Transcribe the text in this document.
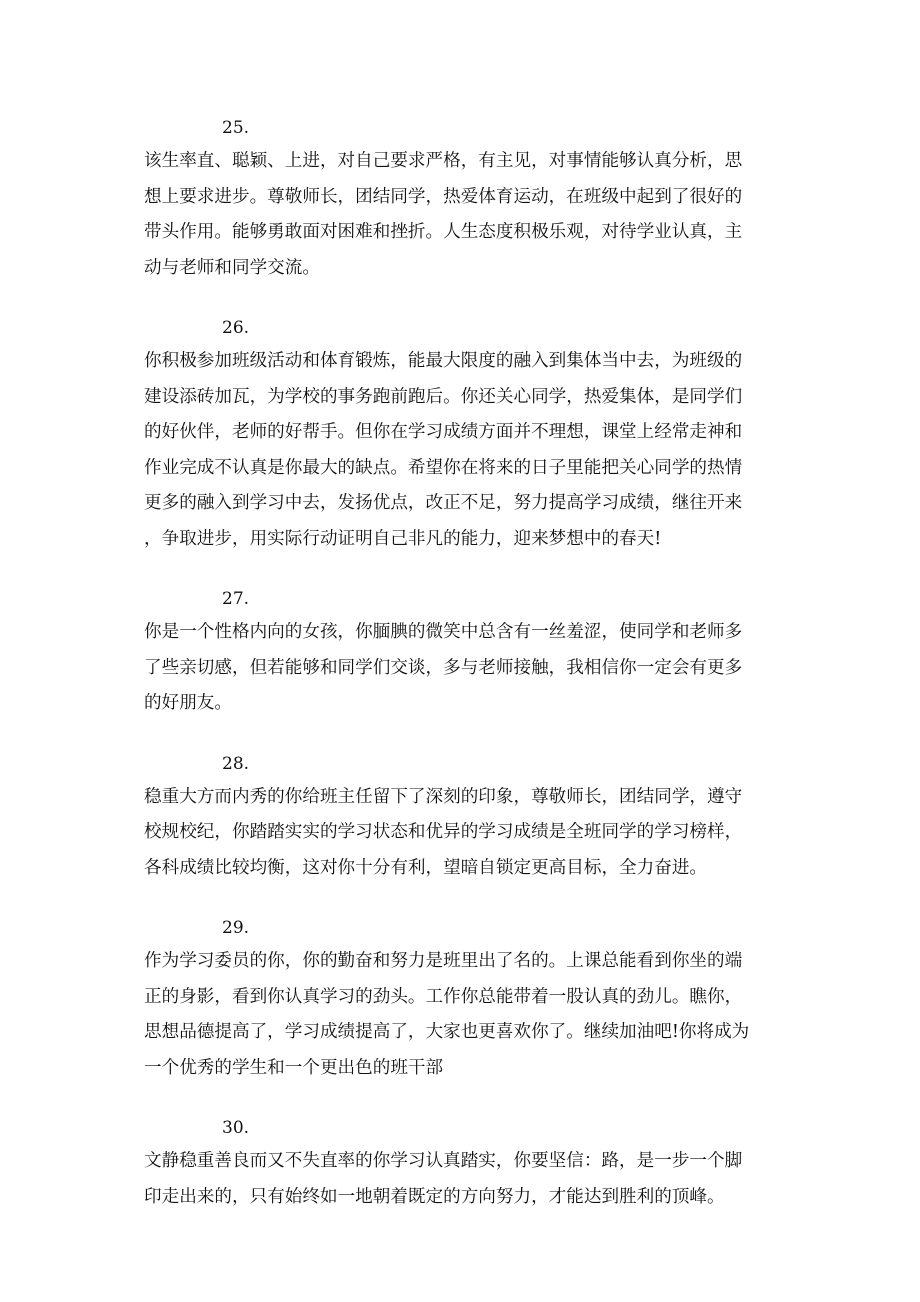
25.
该生率直、聪颖、上进，对自己要求严格，有主见，对事情能够认真分析，思
想上要求进步。尊敬师长，团结同学，热爱体育运动，在班级中起到了很好的
带头作用。能够勇敢面对困难和挫折。人生态度积极乐观，对待学业认真，主
动与老师和同学交流。
26.
你积极参加班级活动和体育锻炼，能最大限度的融入到集体当中去，为班级的
建设添砖加瓦，为学校的事务跑前跑后。你还关心同学，热爱集体，是同学们
的好伙伴，老师的好帮手。但你在学习成绩方面并不理想，课堂上经常走神和
作业完成不认真是你最大的缺点。希望你在将来的日子里能把关心同学的热情
更多的融入到学习中去，发扬优点，改正不足，努力提高学习成绩，继往开来
，争取进步，用实际行动证明自己非凡的能力，迎来梦想中的春天!
27.
你是一个性格内向的女孩，你腼腆的微笑中总含有一丝羞涩，使同学和老师多
了些亲切感，但若能够和同学们交谈，多与老师接触，我相信你一定会有更多
的好朋友。
28.
稳重大方而内秀的你给班主任留下了深刻的印象，尊敬师长，团结同学，遵守
校规校纪，你踏踏实实的学习状态和优异的学习成绩是全班同学的学习榜样，
各科成绩比较均衡，这对你十分有利，望暗自锁定更高目标，全力奋进。
29.
作为学习委员的你，你的勤奋和努力是班里出了名的。上课总能看到你坐的端
正的身影，看到你认真学习的劲头。工作你总能带着一股认真的劲儿。瞧你，
思想品德提高了，学习成绩提高了，大家也更喜欢你了。继续加油吧!你将成为
一个优秀的学生和一个更出色的班干部
30.
文静稳重善良而又不失直率的你学习认真踏实，你要坚信：路，是一步一个脚
印走出来的，只有始终如一地朝着既定的方向努力，才能达到胜利的顶峰。
